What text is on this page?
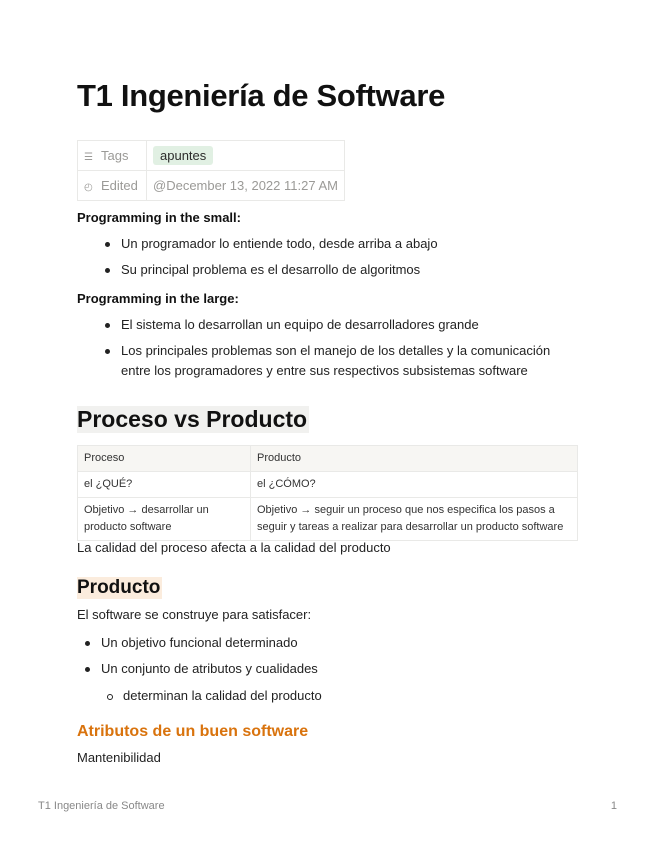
T1 Ingeniería de Software
☰ Tags	apuntes
◴ Edited	@December 13, 2022 11:27 AM

Programming in the small:

Un programador lo entiende todo, desde arriba a abajo
Su principal problema es el desarrollo de algoritmos

Programming in the large:

El sistema lo desarrollan un equipo de desarrolladores grande
Los principales problemas son el manejo de los detalles y la comunicación entre los programadores y entre sus respectivos subsistemas software
Proceso vs Producto
Proceso	Producto
el ¿QUÉ?	el ¿CÓMO?
Objetivo → desarrollar un producto software	Objetivo → seguir un proceso que nos especifica los pasos a seguir y tareas a realizar para desarrollar un producto software

La calidad del proceso afecta a la calidad del producto

Producto

El software se construye para satisfacer:

Un objetivo funcional determinado
Un conjunto de atributos y cualidades
determinan la calidad del producto
Atributos de un buen software

Mantenibilidad

T1 Ingeniería de Software	1
